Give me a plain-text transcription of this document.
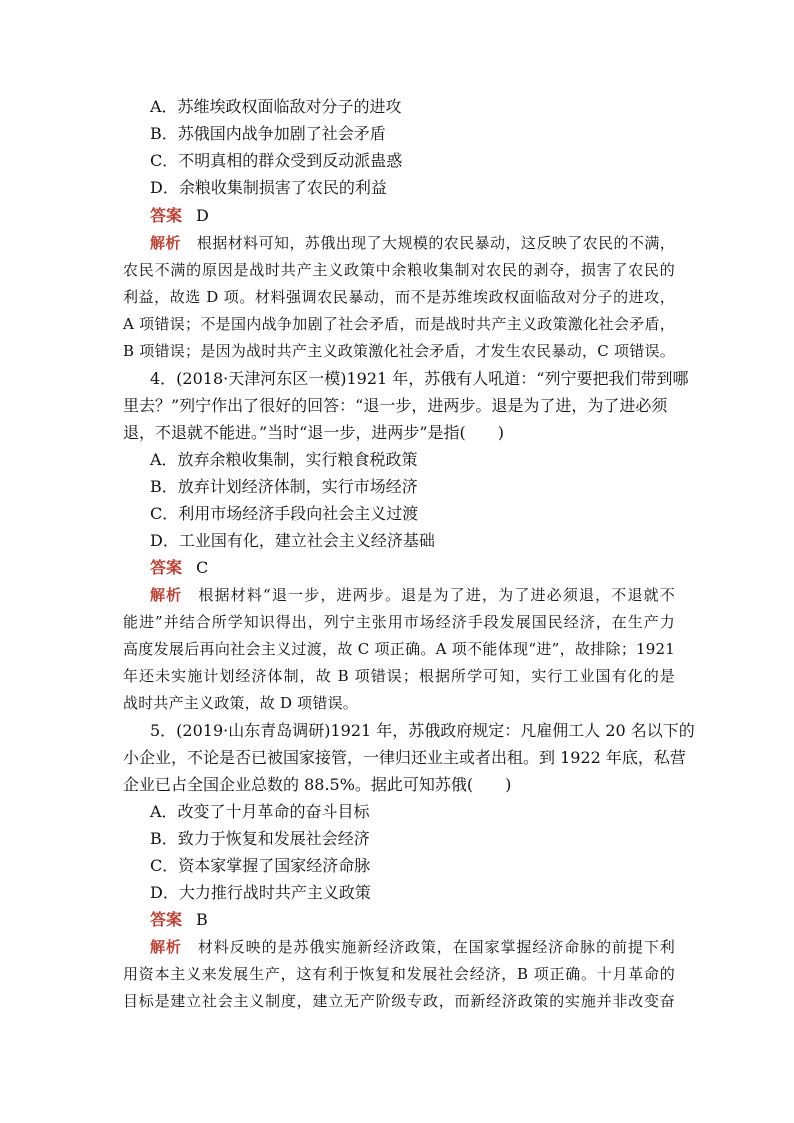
A．苏维埃政权面临敌对分子的进攻
B．苏俄国内战争加剧了社会矛盾
C．不明真相的群众受到反动派蛊惑
D．余粮收集制损害了农民的利益
答案 D
解析 根据材料可知，苏俄出现了大规模的农民暴动，这反映了农民的不满，
农民不满的原因是战时共产主义政策中余粮收集制对农民的剥夺，损害了农民的
利益，故选 D 项。材料强调农民暴动，而不是苏维埃政权面临敌对分子的进攻，
A 项错误；不是国内战争加剧了社会矛盾，而是战时共产主义政策激化社会矛盾，
B 项错误；是因为战时共产主义政策激化社会矛盾，才发生农民暴动，C 项错误。
4．(2018·天津河东区一模)1921 年，苏俄有人吼道：“列宁要把我们带到哪
里去？”列宁作出了很好的回答：“退一步，进两步。退是为了进，为了进必须
退，不退就不能进。”当时“退一步，进两步”是指(　　)
A．放弃余粮收集制，实行粮食税政策
B．放弃计划经济体制，实行市场经济
C．利用市场经济手段向社会主义过渡
D．工业国有化，建立社会主义经济基础
答案 C
解析 根据材料“退一步，进两步。退是为了进，为了进必须退，不退就不
能进”并结合所学知识得出，列宁主张用市场经济手段发展国民经济，在生产力
高度发展后再向社会主义过渡，故 C 项正确。A 项不能体现“进”，故排除；1921
年还未实施计划经济体制，故 B 项错误；根据所学可知，实行工业国有化的是
战时共产主义政策，故 D 项错误。
5．(2019·山东青岛调研)1921 年，苏俄政府规定：凡雇佣工人 20 名以下的
小企业，不论是否已被国家接管，一律归还业主或者出租。到 1922 年底，私营
企业已占全国企业总数的 88.5%。据此可知苏俄(　　)
A．改变了十月革命的奋斗目标
B．致力于恢复和发展社会经济
C．资本家掌握了国家经济命脉
D．大力推行战时共产主义政策
答案 B
解析 材料反映的是苏俄实施新经济政策，在国家掌握经济命脉的前提下利
用资本主义来发展生产，这有利于恢复和发展社会经济，B 项正确。十月革命的
目标是建立社会主义制度，建立无产阶级专政，而新经济政策的实施并非改变奋
